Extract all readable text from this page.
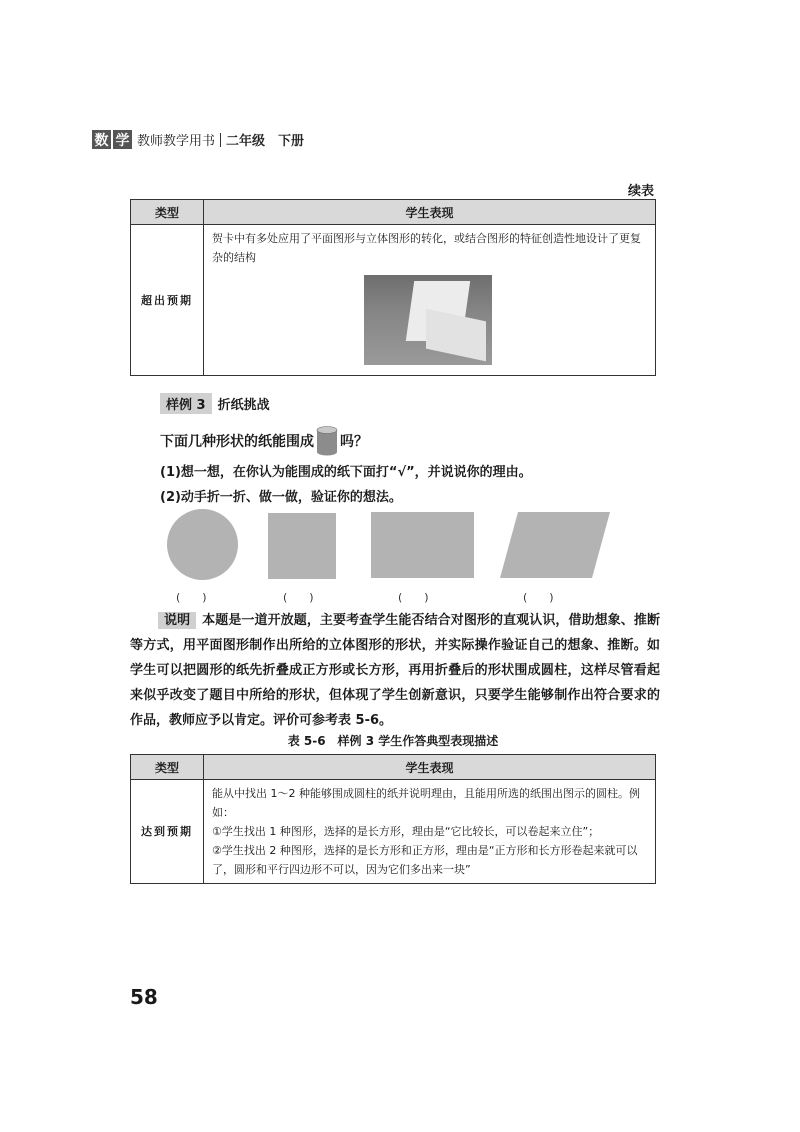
数 学 教师教学用书 二年级　下册
续表
类型	学生表现
超出预期	贺卡中有多处应用了平面图形与立体图形的转化，或结合图形的特征创造性地设计了更复杂的结构
样例 3 折纸挑战
下面几种形状的纸能围成 吗？
(1)想一想，在你认为能围成的纸下面打“√”，并说说你的理由。
(2)动手折一折、做一做，验证你的想法。
(　　)	(　　)	(　　)	(　　)
说明 本题是一道开放题，主要考查学生能否结合对图形的直观认识，借助想象、推断等方式，用平面图形制作出所给的立体图形的形状，并实际操作验证自己的想象、推断。如学生可以把圆形的纸先折叠成正方形或长方形，再用折叠后的形状围成圆柱，这样尽管看起来似乎改变了题目中所给的形状，但体现了学生创新意识，只要学生能够制作出符合要求的作品，教师应予以肯定。评价可参考表 5-6。
表 5-6　样例 3 学生作答典型表现描述
类型	学生表现
达到预期	能从中找出 1～2 种能够围成圆柱的纸并说明理由，且能用所选的纸围出图示的圆柱。例如：
①学生找出 1 种图形，选择的是长方形，理由是“它比较长，可以卷起来立住”；
②学生找出 2 种图形，选择的是长方形和正方形，理由是“正方形和长方形卷起来就可以了，圆形和平行四边形不可以，因为它们多出来一块”
58
